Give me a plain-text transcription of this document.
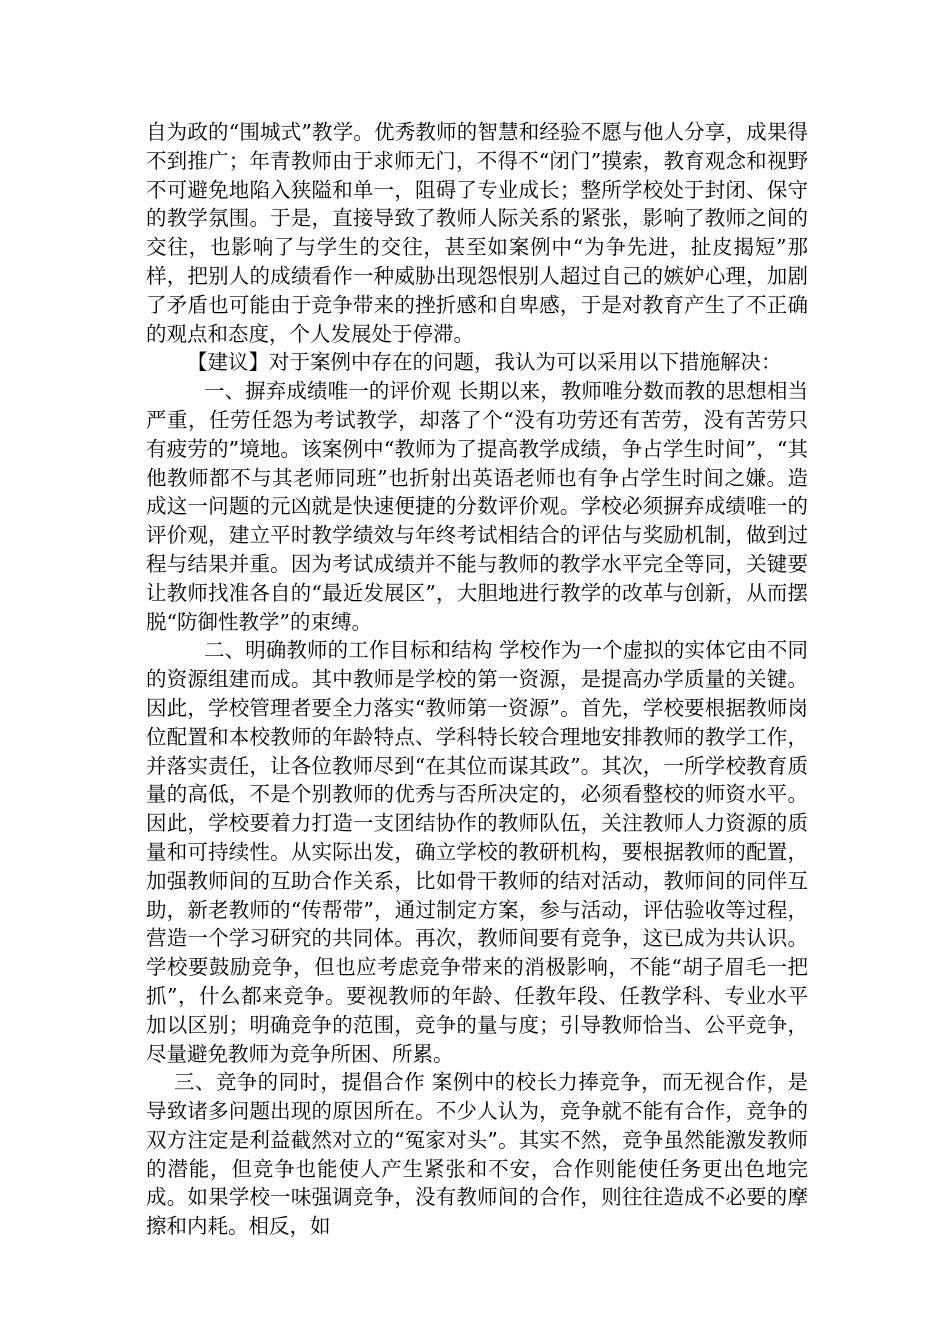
自为政的“围城式”教学。优秀教师的智慧和经验不愿与他人分享，成果得不到推广；年青教师由于求师无门，不得不“闭门”摸索，教育观念和视野不可避免地陷入狭隘和单一，阻碍了专业成长；整所学校处于封闭、保守的教学氛围。于是，直接导致了教师人际关系的紧张，影响了教师之间的交往，也影响了与学生的交往，甚至如案例中“为争先进，扯皮揭短”那样，把别人的成绩看作一种威胁出现怨恨别人超过自己的嫉妒心理，加剧了矛盾也可能由于竞争带来的挫折感和自卑感，于是对教育产生了不正确的观点和态度，个人发展处于停滞。

【建议】对于案例中存在的问题，我认为可以采用以下措施解决：

一、摒弃成绩唯一的评价观 长期以来，教师唯分数而教的思想相当严重，任劳任怨为考试教学，却落了个“没有功劳还有苦劳，没有苦劳只有疲劳的”境地。该案例中“教师为了提高教学成绩，争占学生时间”，“其他教师都不与其老师同班”也折射出英语老师也有争占学生时间之嫌。造成这一问题的元凶就是快速便捷的分数评价观。学校必须摒弃成绩唯一的评价观，建立平时教学绩效与年终考试相结合的评估与奖励机制，做到过程与结果并重。因为考试成绩并不能与教师的教学水平完全等同，关键要让教师找准各自的“最近发展区”，大胆地进行教学的改革与创新，从而摆脱“防御性教学”的束缚。

二、明确教师的工作目标和结构 学校作为一个虚拟的实体它由不同的资源组建而成。其中教师是学校的第一资源，是提高办学质量的关键。因此，学校管理者要全力落实“教师第一资源”。首先，学校要根据教师岗位配置和本校教师的年龄特点、学科特长较合理地安排教师的教学工作，并落实责任，让各位教师尽到“在其位而谋其政”。其次，一所学校教育质量的高低，不是个别教师的优秀与否所决定的，必须看整校的师资水平。因此，学校要着力打造一支团结协作的教师队伍，关注教师人力资源的质量和可持续性。从实际出发，确立学校的教研机构，要根据教师的配置，加强教师间的互助合作关系，比如骨干教师的结对活动，教师间的同伴互助，新老教师的“传帮带”，通过制定方案，参与活动，评估验收等过程，营造一个学习研究的共同体。再次，教师间要有竞争，这已成为共认识。学校要鼓励竞争，但也应考虑竞争带来的消极影响，不能“胡子眉毛一把抓”，什么都来竞争。要视教师的年龄、任教年段、任教学科、专业水平加以区别；明确竞争的范围，竞争的量与度；引导教师恰当、公平竞争，尽量避免教师为竞争所困、所累。

三、竞争的同时，提倡合作 案例中的校长力捧竞争，而无视合作，是导致诸多问题出现的原因所在。不少人认为，竞争就不能有合作，竞争的双方注定是利益截然对立的“冤家对头”。其实不然，竞争虽然能激发教师的潜能，但竞争也能使人产生紧张和不安，合作则能使任务更出色地完成。如果学校一味强调竞争，没有教师间的合作，则往往造成不必要的摩擦和内耗。相反，如
